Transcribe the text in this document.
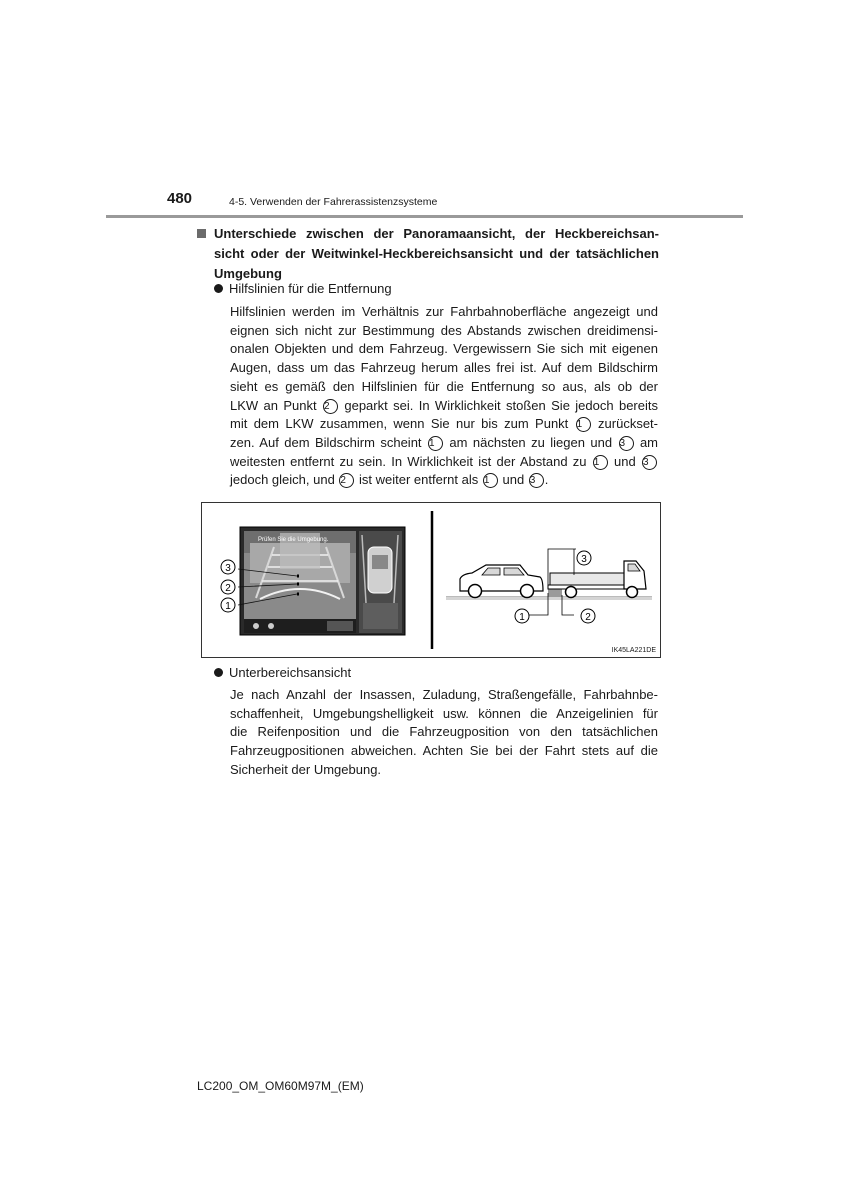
480	4-5. Verwenden der Fahrerassistenzsysteme
Unterschiede zwischen der Panoramaansicht, der Heckbereichsan-
sicht oder der Weitwinkel-Heckbereichsansicht und der tatsächlichen
Umgebung
Hilfslinien für die Entfernung
Hilfslinien werden im Verhältnis zur Fahrbahnoberfläche angezeigt und
eignen sich nicht zur Bestimmung des Abstands zwischen dreidimensi-
onalen Objekten und dem Fahrzeug. Vergewissern Sie sich mit eigenen
Augen, dass um das Fahrzeug herum alles frei ist. Auf dem Bildschirm
sieht es gemäß den Hilfslinien für die Entfernung so aus, als ob der
LKW an Punkt 2 geparkt sei. In Wirklichkeit stoßen Sie jedoch bereits
mit dem LKW zusammen, wenn Sie nur bis zum Punkt 1 zurückset-
zen. Auf dem Bildschirm scheint 1 am nächsten zu liegen und 3 am
weitesten entfernt zu sein. In Wirklichkeit ist der Abstand zu 1 und 3
jedoch gleich, und 2 ist weiter entfernt als 1 und 3 .
Prüfen Sie die Umgebung.
3
2
1
3
1	2
IK45LA221DE
Unterbereichsansicht
Je nach Anzahl der Insassen, Zuladung, Straßengefälle, Fahrbahnbe-
schaffenheit, Umgebungshelligkeit usw. können die Anzeigelinien für
die Reifenposition und die Fahrzeugposition von den tatsächlichen
Fahrzeugpositionen abweichen. Achten Sie bei der Fahrt stets auf die
Sicherheit der Umgebung.
LC200_OM_OM60M97M_(EM)
